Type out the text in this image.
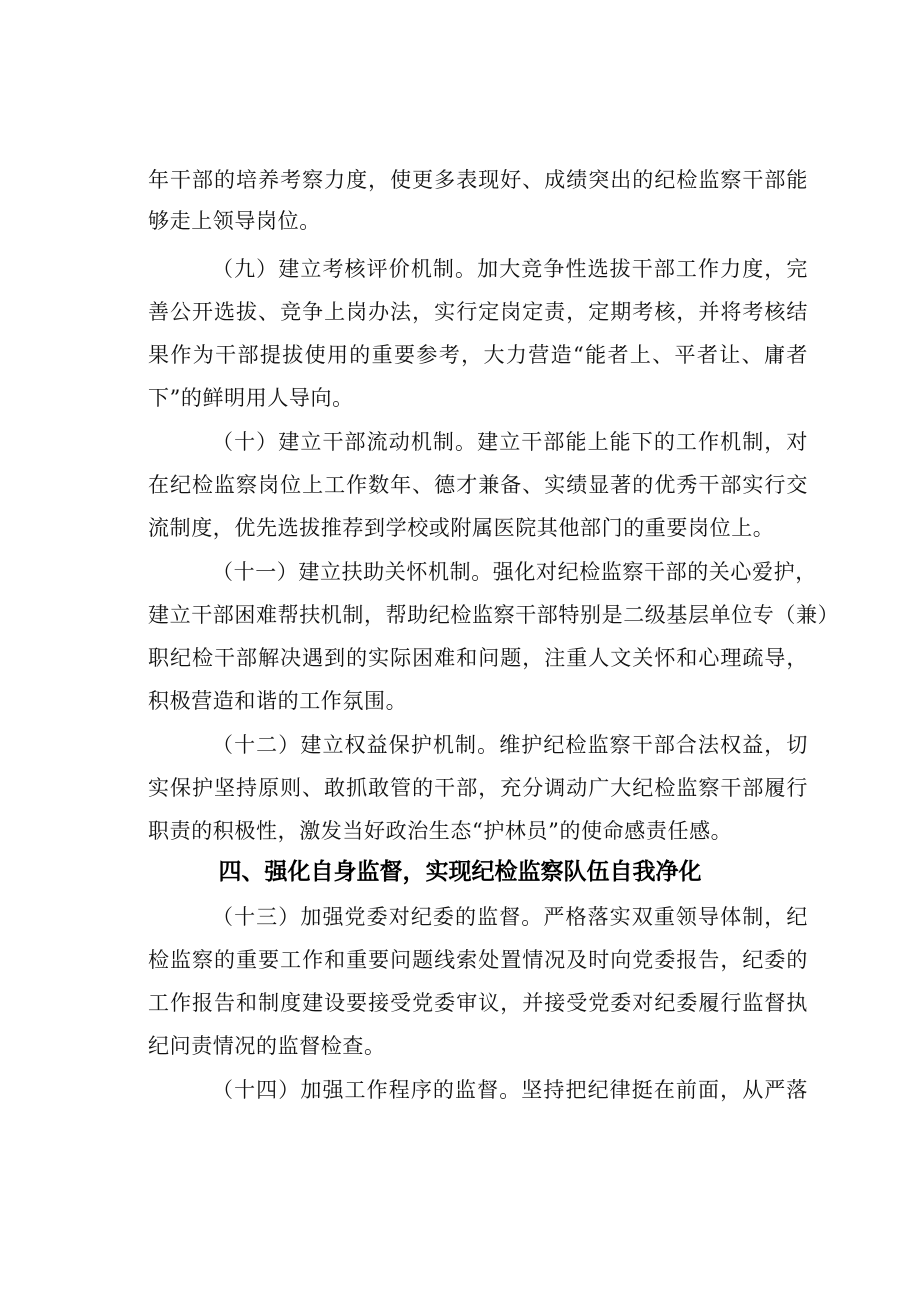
年干部的培养考察力度，使更多表现好、成绩突出的纪检监察干部能
够走上领导岗位。
（九）建立考核评价机制。加大竞争性选拔干部工作力度，完
善公开选拔、竞争上岗办法，实行定岗定责，定期考核，并将考核结
果作为干部提拔使用的重要参考，大力营造“能者上、平者让、庸者
下”的鲜明用人导向。
（十）建立干部流动机制。建立干部能上能下的工作机制，对
在纪检监察岗位上工作数年、德才兼备、实绩显著的优秀干部实行交
流制度，优先选拔推荐到学校或附属医院其他部门的重要岗位上。
（十一）建立扶助关怀机制。强化对纪检监察干部的关心爱护，
建立干部困难帮扶机制，帮助纪检监察干部特别是二级基层单位专（兼）
职纪检干部解决遇到的实际困难和问题，注重人文关怀和心理疏导，
积极营造和谐的工作氛围。
（十二）建立权益保护机制。维护纪检监察干部合法权益，切
实保护坚持原则、敢抓敢管的干部，充分调动广大纪检监察干部履行
职责的积极性，激发当好政治生态“护林员”的使命感责任感。
四、强化自身监督，实现纪检监察队伍自我净化
（十三）加强党委对纪委的监督。严格落实双重领导体制，纪
检监察的重要工作和重要问题线索处置情况及时向党委报告，纪委的
工作报告和制度建设要接受党委审议，并接受党委对纪委履行监督执
纪问责情况的监督检查。
（十四）加强工作程序的监督。坚持把纪律挺在前面，从严落
